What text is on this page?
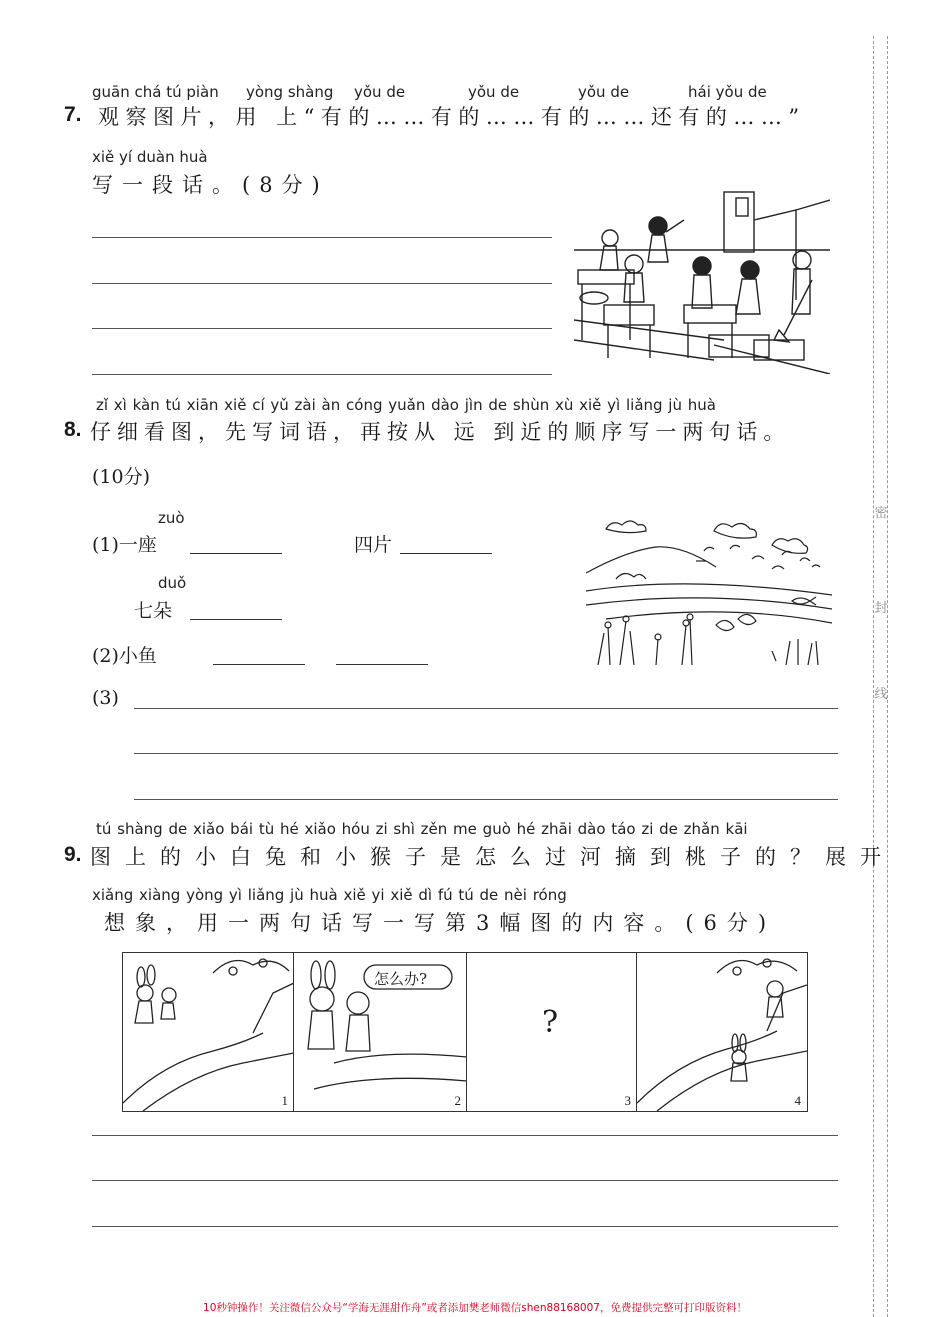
密
封
线
guān chá tú piàn yòng shàng yǒu de	yǒu de	yǒu de	hái yǒu de
7. 观察图片，用 上“有的……有的……有的……还有的……”
xiě yí duàn huà
写一段话。(8分)
zǐ xì kàn tú xiān xiě cí yǔ zài àn cóng yuǎn dào jìn de shùn xù xiě yì liǎng jù huà
8. 仔细看图，先写词语，再按从 远 到近的顺序写一两句话。
(10分)
zuò
(1)一座	四片
duǒ
七朵
(2)小鱼
(3)
tú shàng de xiǎo bái tù hé xiǎo hóu zi shì zěn me guò hé zhāi dào táo zi de zhǎn kāi
9. 图上的小白兔和小猴子是怎么过河摘到桃子的？展开
xiǎng xiàng yòng yì liǎng jù huà xiě yi xiě dì fú tú de nèi róng
想象，用一两句话写一写第3幅图的内容。(6分)
1
怎么办?
2
?
3	4
10秒钟操作！关注微信公众号“学海无涯甜作舟”或者添加樊老师微信shen88168007，免费提供完整可打印版资料！
